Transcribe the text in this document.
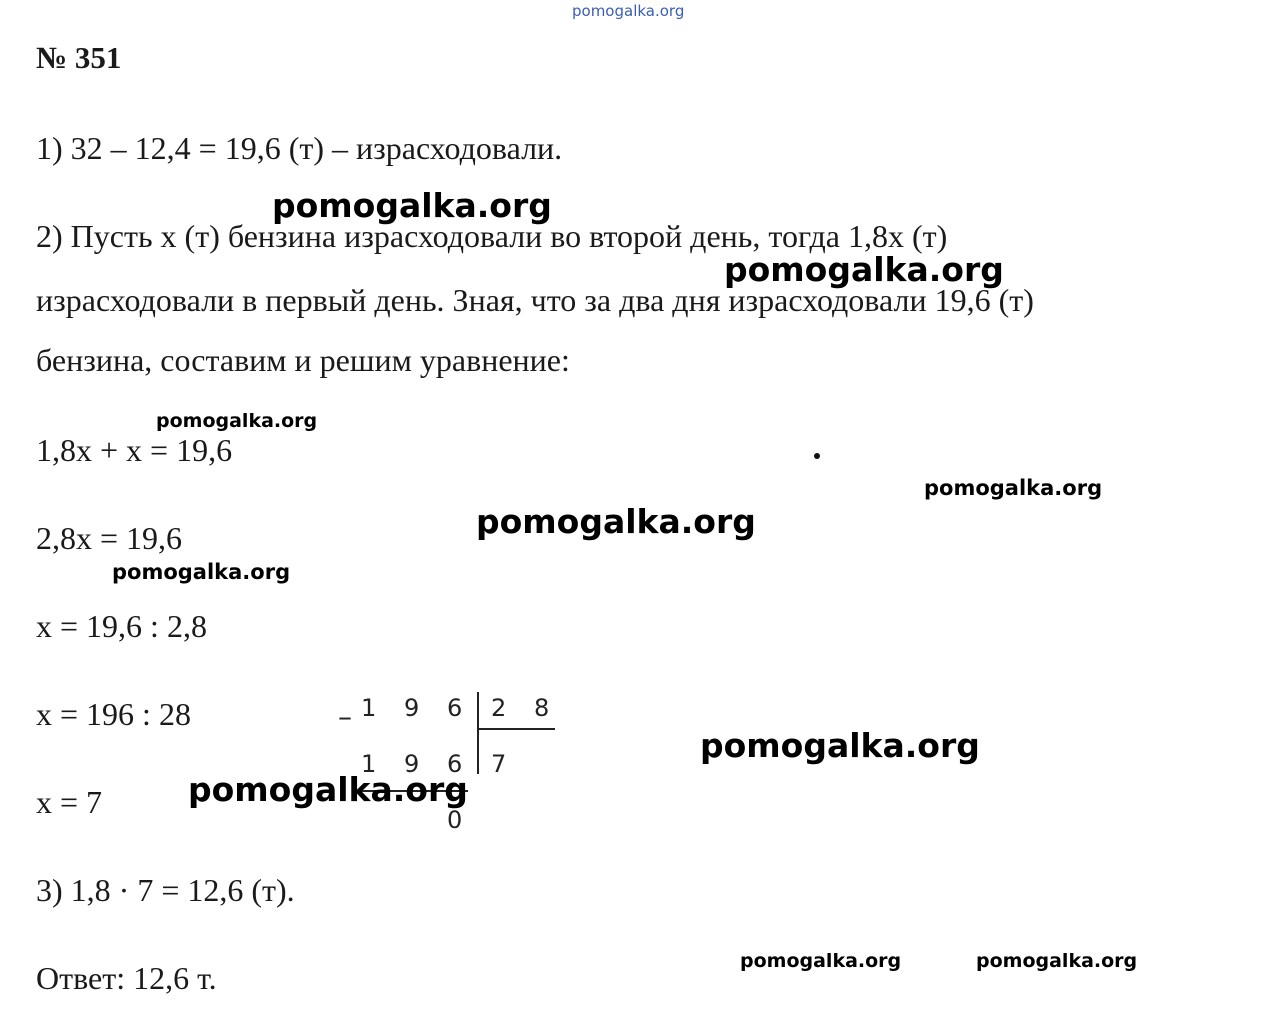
pomogalka.org
№ 351
1) 32 – 12,4 = 19,6 (т) – израсходовали.
2) Пусть х (т) бензина израсходовали во второй день, тогда 1,8х (т)
израсходовали в первый день. Зная, что за два дня израсходовали 19,6 (т)
бензина, составим и решим уравнение:
1,8х + х = 19,6
2,8х = 19,6
х = 19,6 : 2,8
х = 196 : 28
х = 7
3) 1,8 · 7 = 12,6 (т).
Ответ: 12,6 т.
– 1 9 6 2 8
1 9 6 7
0
pomogalka.org
pomogalka.org
pomogalka.org
pomogalka.org
pomogalka.org
pomogalka.org
pomogalka.org
pomogalka.org
pomogalka.org	pomogalka.org
